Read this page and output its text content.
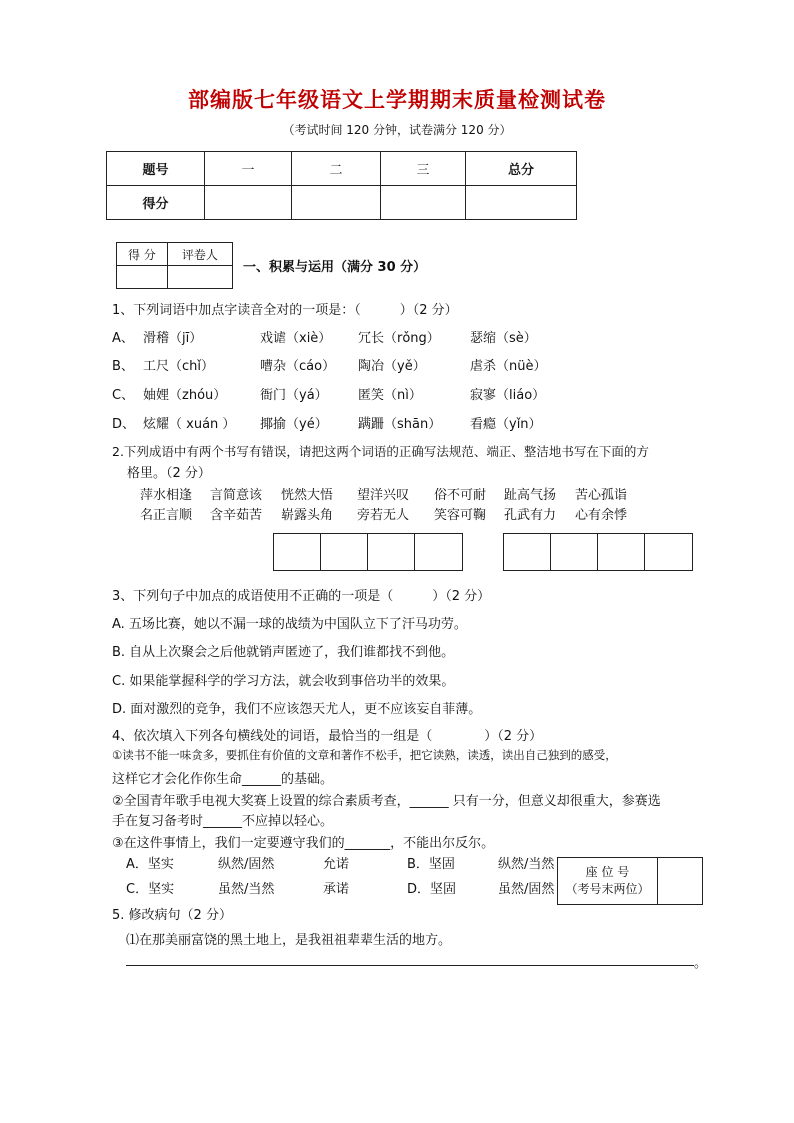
部编版七年级语文上学期期末质量检测试卷
（考试时间 120 分钟，试卷满分 120 分）
题号	一	二	三	总分
得分				
得 分	评卷人

一、积累与运用（满分 30 分）
1、下列词语中加点字读音全对的一项是：（　　　）（2 分）
A、 滑稽（jī）	戏谑（xiè） 冗长（rǒng） 瑟缩（sè）
B、 工尺（chǐ）	嘈杂（cáo） 陶冶（yě）	虐杀（nüè）
C、 妯娌（zhóu）	衙门（yá） 匿笑（nì）	寂寥（liáo）
D、 炫耀（ xuán ） 揶揄（yé） 蹒跚（shān） 看瘾（yǐn）
2.下列成语中有两个书写有错误，请把这两个词语的正确写法规范、端正、整洁地书写在下面的方
格里。（2 分）
萍水相逢 言简意该 恍然大悟 望洋兴叹 俗不可耐 趾高气扬 苦心孤诣
名正言顺 含辛茹苦 崭露头角 旁若无人 笑容可鞠 孔武有力 心有余悸
3、下列句子中加点的成语使用不正确的一项是（　　　）（2 分）
A. 五场比赛，她以不漏一球的战绩为中国队立下了汗马功劳。
B. 自从上次聚会之后他就销声匿迹了，我们谁都找不到他。
C. 如果能掌握科学的学习方法，就会收到事倍功半的效果。
D. 面对激烈的竞争，我们不应该怨天尤人，更不应该妄自菲薄。
4、依次填入下列各句横线处的词语，最恰当的一组是（　　　　）（2 分）
①读书不能一味贪多，要抓住有价值的文章和著作不松手，把它读熟，读透，读出自己独到的感受，
这样它才会化作你生命______的基础。
②全国青年歌手电视大奖赛上设置的综合素质考查，______ 只有一分，但意义却很重大，参赛选
手在复习备考时______不应掉以轻心。
③在这件事情上，我们一定要遵守我们的_______，不能出尔反尔。
A．坚实	纵然/固然	允诺	B．坚固	纵然/当然
C．坚实	虽然/当然	承诺	D．坚固	虽然/固然
座 位 号
（考号末两位）

5. 修改病句（2 分）
⑴在那美丽富饶的黑土地上，是我祖祖辈辈生活的地方。
。
